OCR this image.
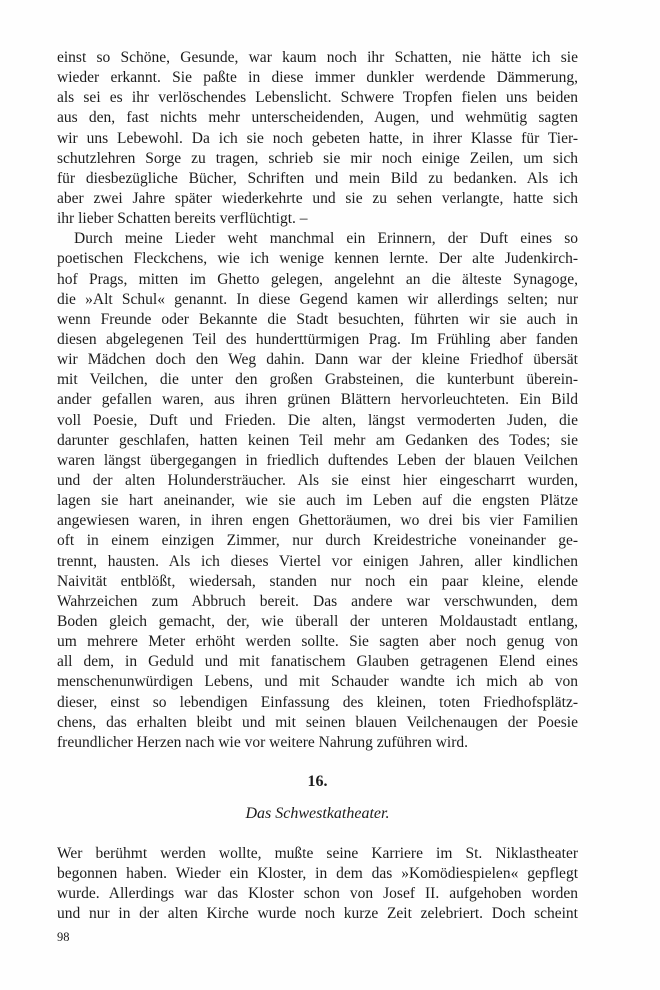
einst so Schöne, Gesunde, war kaum noch ihr Schatten, nie hätte ich sie
wieder erkannt. Sie paßte in diese immer dunkler werdende Dämmerung,
als sei es ihr verlöschendes Lebenslicht. Schwere Tropfen fielen uns beiden
aus den, fast nichts mehr unterscheidenden, Augen, und wehmütig sagten
wir uns Lebewohl. Da ich sie noch gebeten hatte, in ihrer Klasse für Tier-
schutzlehren Sorge zu tragen, schrieb sie mir noch einige Zeilen, um sich
für diesbezügliche Bücher, Schriften und mein Bild zu bedanken. Als ich
aber zwei Jahre später wiederkehrte und sie zu sehen verlangte, hatte sich
ihr lieber Schatten bereits verflüchtigt. –
Durch meine Lieder weht manchmal ein Erinnern, der Duft eines so
poetischen Fleckchens, wie ich wenige kennen lernte. Der alte Judenkirch-
hof Prags, mitten im Ghetto gelegen, angelehnt an die älteste Synagoge,
die »Alt Schul« genannt. In diese Gegend kamen wir allerdings selten; nur
wenn Freunde oder Bekannte die Stadt besuchten, führten wir sie auch in
diesen abgelegenen Teil des hunderttürmigen Prag. Im Frühling aber fanden
wir Mädchen doch den Weg dahin. Dann war der kleine Friedhof übersät
mit Veilchen, die unter den großen Grabsteinen, die kunterbunt überein-
ander gefallen waren, aus ihren grünen Blättern hervorleuchteten. Ein Bild
voll Poesie, Duft und Frieden. Die alten, längst vermoderten Juden, die
darunter geschlafen, hatten keinen Teil mehr am Gedanken des Todes; sie
waren längst übergegangen in friedlich duftendes Leben der blauen Veilchen
und der alten Holundersträucher. Als sie einst hier eingescharrt wurden,
lagen sie hart aneinander, wie sie auch im Leben auf die engsten Plätze
angewiesen waren, in ihren engen Ghettoräumen, wo drei bis vier Familien
oft in einem einzigen Zimmer, nur durch Kreidestriche voneinander ge-
trennt, hausten. Als ich dieses Viertel vor einigen Jahren, aller kindlichen
Naivität entblößt, wiedersah, standen nur noch ein paar kleine, elende
Wahrzeichen zum Abbruch bereit. Das andere war verschwunden, dem
Boden gleich gemacht, der, wie überall der unteren Moldaustadt entlang,
um mehrere Meter erhöht werden sollte. Sie sagten aber noch genug von
all dem, in Geduld und mit fanatischem Glauben getragenen Elend eines
menschenunwürdigen Lebens, und mit Schauder wandte ich mich ab von
dieser, einst so lebendigen Einfassung des kleinen, toten Friedhofsplätz-
chens, das erhalten bleibt und mit seinen blauen Veilchenaugen der Poesie
freundlicher Herzen nach wie vor weitere Nahrung zuführen wird.
16.
Das Schwestkatheater.
Wer berühmt werden wollte, mußte seine Karriere im St. Niklastheater
begonnen haben. Wieder ein Kloster, in dem das »Komödiespielen« gepflegt
wurde. Allerdings war das Kloster schon von Josef II. aufgehoben worden
und nur in der alten Kirche wurde noch kurze Zeit zelebriert. Doch scheint
98
